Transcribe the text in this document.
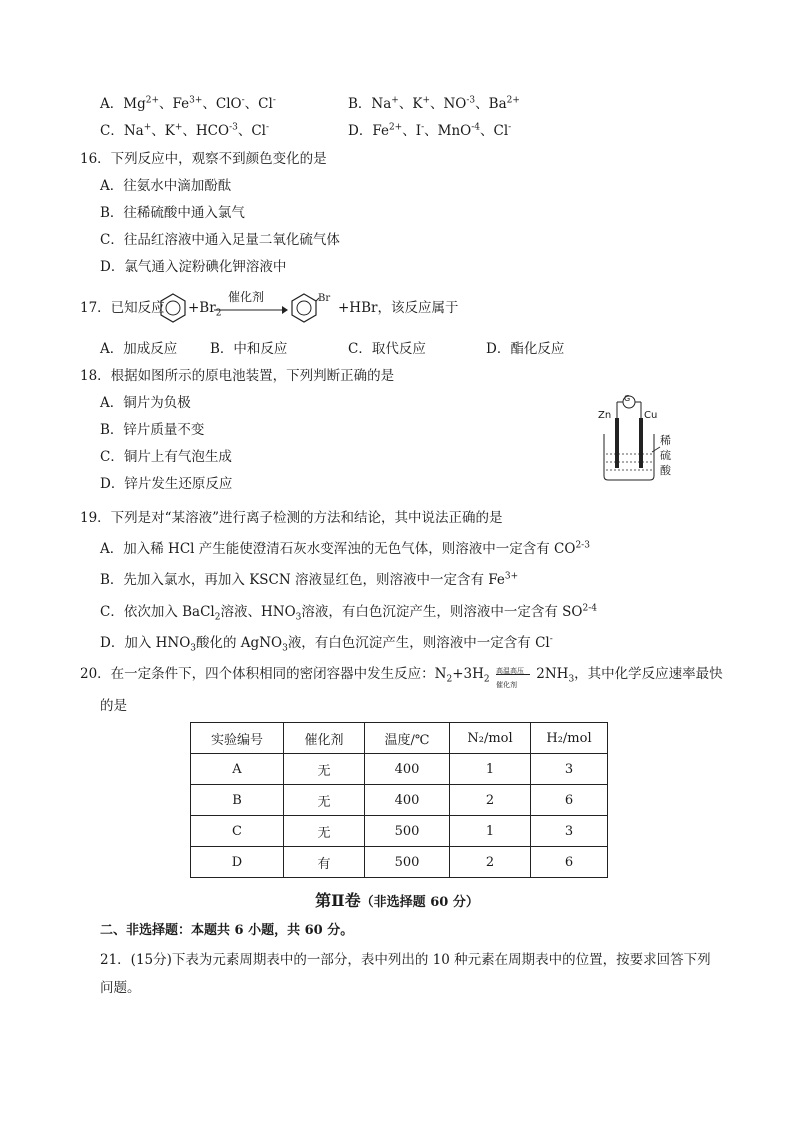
A．$Mg^{2+}$、$Fe^{3+}$、ClO-、Cl-	B．Na+、K+、$NO^{-3}$、$Ba^{2+}$
C．Na+、K+、$HCO^{-3}$、Cl-	D．$Fe^{2+}$、I-、MnO$^{-4}$、Cl-
16．下列反应中，观察不到颜色变化的是
A．往氨水中滴加酚酞
B．往稀硫酸中通入氯气
C．往品红溶液中通入足量二氧化硫气体
D．氯气通入淀粉碘化钾溶液中
17．已知反应 $+Br_2$
催化剂	Br
+HBr，该反应属于
A．加成反应 B．中和反应	C．取代反应	D．酯化反应
18．根据如图所示的原电池装置，下列判断正确的是
A．铜片为负极
B．锌片质量不变
C．铜片上有气泡生成
D．锌片发生还原反应
G
Zn	Cu
稀
硫
酸
19．下列是对“某溶液”进行离子检测的方法和结论，其中说法正确的是
A．加入稀 HCl 产生能使澄清石灰水变浑浊的无色气体，则溶液中一定含有 CO$^{2-3}$
B．先加入氯水，再加入 KSCN 溶液显红色，则溶液中一定含有 $Fe^{3+}$
C．依次加入 BaCl$_2$溶液、$HNO_3$溶液，有白色沉淀产生，则溶液中一定含有 SO$^{2-4}$
D．加入 $HNO_3$酸化的 AgNO$_3$液，有白色沉淀产生，则溶液中一定含有 Cl-
20．在一定条件下，四个体积相同的密闭容器中发生反应：$N_2+3H_2$
高温高压
催化剂
$2NH_3$，其中化学反应速率最快
的是
实验编号	催化剂	温度/℃	N₂/mol	H₂/mol
A	无	400	1	3
B	无	400	2	6
C	无	500	1	3
D	有	500	2	6
第Ⅱ卷（非选择题 60 分）
二、非选择题：本题共 6 小题，共 60 分。
21．(15分)下表为元素周期表中的一部分，表中列出的 10 种元素在周期表中的位置，按要求回答下列
问题。
